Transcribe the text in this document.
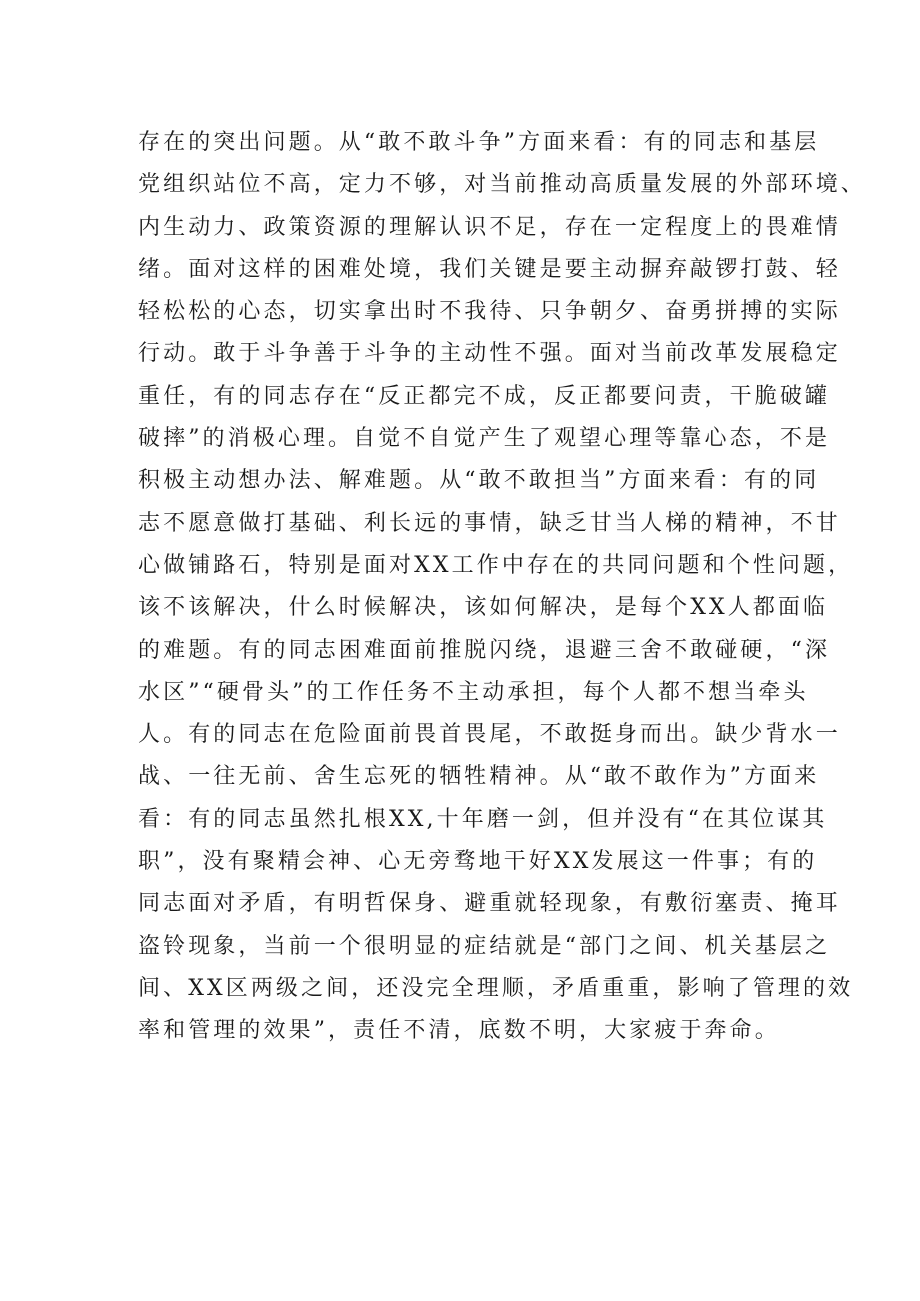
存在的突出问题。从“敢不敢斗争”方面来看：有的同志和基层
党组织站位不高，定力不够，对当前推动高质量发展的外部环境、
内生动力、政策资源的理解认识不足，存在一定程度上的畏难情
绪。面对这样的困难处境，我们关键是要主动摒弃敲锣打鼓、轻
轻松松的心态，切实拿出时不我待、只争朝夕、奋勇拼搏的实际
行动。敢于斗争善于斗争的主动性不强。面对当前改革发展稳定
重任，有的同志存在“反正都完不成，反正都要问责，干脆破罐
破摔”的消极心理。自觉不自觉产生了观望心理等靠心态，不是
积极主动想办法、解难题。从“敢不敢担当”方面来看：有的同
志不愿意做打基础、利长远的事情，缺乏甘当人梯的精神，不甘
心做铺路石，特别是面对XX工作中存在的共同问题和个性问题，
该不该解决，什么时候解决，该如何解决，是每个XX人都面临
的难题。有的同志困难面前推脱闪绕，退避三舍不敢碰硬，“深
水区”“硬骨头”的工作任务不主动承担，每个人都不想当牵头
人。有的同志在危险面前畏首畏尾，不敢挺身而出。缺少背水一
战、一往无前、舍生忘死的牺牲精神。从“敢不敢作为”方面来
看：有的同志虽然扎根XX,十年磨一剑，但并没有“在其位谋其
职”，没有聚精会神、心无旁骛地干好XX发展这一件事；有的
同志面对矛盾，有明哲保身、避重就轻现象，有敷衍塞责、掩耳
盗铃现象，当前一个很明显的症结就是“部门之间、机关基层之
间、XX区两级之间，还没完全理顺，矛盾重重，影响了管理的效
率和管理的效果”，责任不清，底数不明，大家疲于奔命。
